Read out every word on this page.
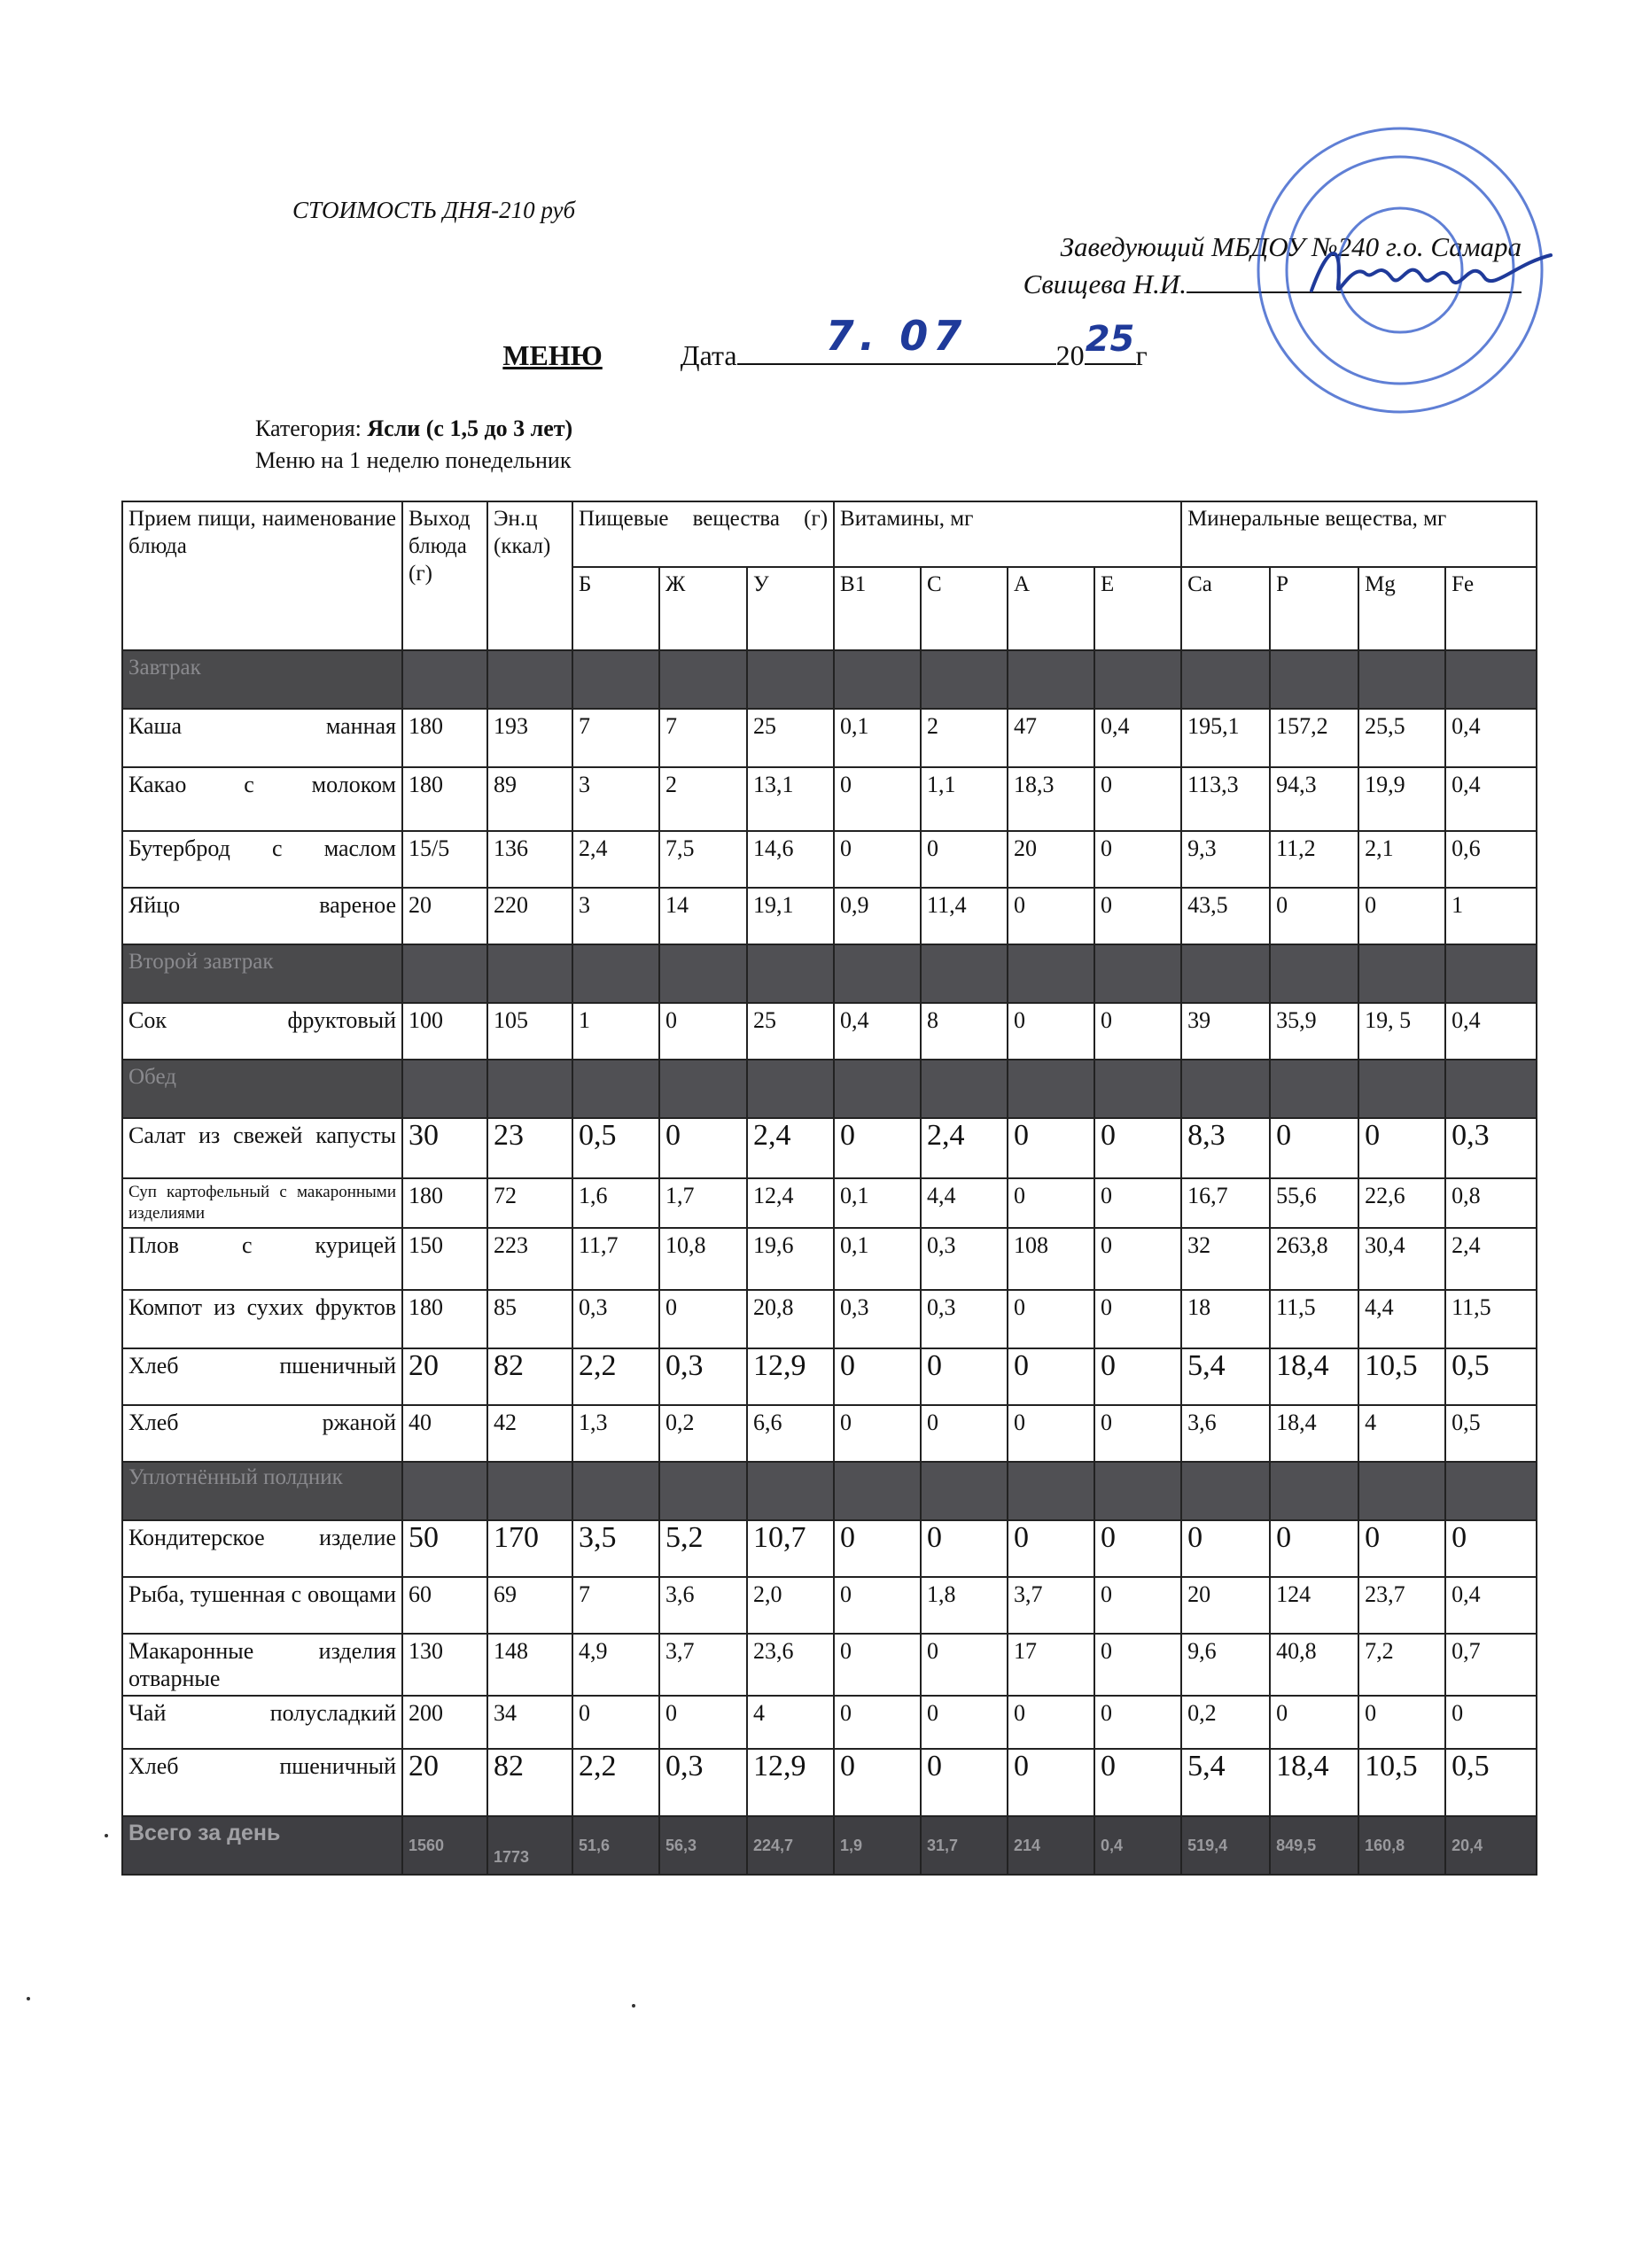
СТОИМОСТЬ ДНЯ-210 руб
Заведующий МБДОУ №240 г.о. Самара
Свищева Н.И.
МЕНЮ	Дата	7. 07	20 25 г
Категория: Ясли (с 1,5 до 3 лет)
Меню на 1 неделю понедельник
Прием пищи, наименование блюда	Выход блюда (г)	Эн.ц (ккал)	Пищевые вещества (г)			Витамины, мг				Минеральные вещества, мг			
			Б	Ж	У	B1	C	A	E	Ca	P	Mg	Fe
Завтрак													
Каша манная	180	193	7	7	25	0,1	2	47	0,4	195,1	157,2	25,5	0,4
Какао с молоком	180	89	3	2	13,1	0	1,1	18,3	0	113,3	94,3	19,9	0,4
Бутерброд с маслом	15/5	136	2,4	7,5	14,6	0	0	20	0	9,3	11,2	2,1	0,6
Яйцо вареное	20	220	3	14	19,1	0,9	11,4	0	0	43,5	0	0	1
Второй завтрак													
Сок фруктовый	100	105	1	0	25	0,4	8	0	0	39	35,9	19, 5	0,4
Обед													
Салат из свежей капусты	30	23	0,5	0	2,4	0	2,4	0	0	8,3	0	0	0,3
Суп картофельный с макаронными изделиями	180	72	1,6	1,7	12,4	0,1	4,4	0	0	16,7	55,6	22,6	0,8
Плов с курицей	150	223	11,7	10,8	19,6	0,1	0,3	108	0	32	263,8	30,4	2,4
Компот из сухих фруктов	180	85	0,3	0	20,8	0,3	0,3	0	0	18	11,5	4,4	11,5
Хлеб пшеничный	20	82	2,2	0,3	12,9	0	0	0	0	5,4	18,4	10,5	0,5
Хлеб ржаной	40	42	1,3	0,2	6,6	0	0	0	0	3,6	18,4	4	0,5
Уплотнённый полдник													
Кондитерское изделие	50	170	3,5	5,2	10,7	0	0	0	0	0	0	0	0
Рыба, тушенная с овощами	60	69	7	3,6	2,0	0	1,8	3,7	0	20	124	23,7	0,4
Макаронные изделия отварные	130	148	4,9	3,7	23,6	0	0	17	0	9,6	40,8	7,2	0,7
Чай полусладкий	200	34	0	0	4	0	0	0	0	0,2	0	0	0
Хлеб пшеничный	20	82	2,2	0,3	12,9	0	0	0	0	5,4	18,4	10,5	0,5
Всего за день	1560	1773	51,6	56,3	224,7	1,9	31,7	214	0,4	519,4	849,5	160,8	20,4
